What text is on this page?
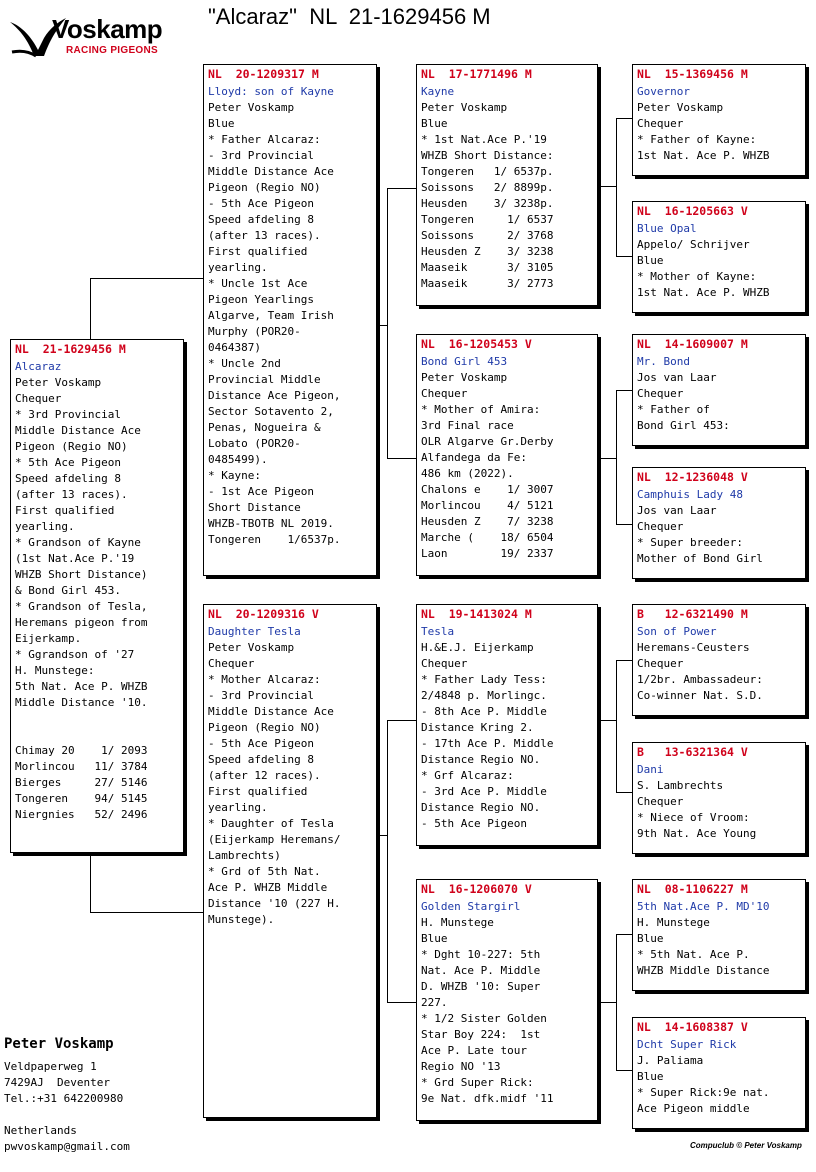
"Alcaraz"  NL  21-1629456 M
Voskamp
RACING PIGEONS
NL  21-1629456 M
Alcaraz
Peter Voskamp
Chequer
* 3rd Provincial
Middle Distance Ace
Pigeon (Regio NO)
* 5th Ace Pigeon
Speed afdeling 8
(after 13 races).
First qualified
yearling.
* Grandson of Kayne
(1st Nat.Ace P.'19
WHZB Short Distance)
& Bond Girl 453.
* Grandson of Tesla,
Heremans pigeon from
Eijerkamp.
* Ggrandson of '27
H. Munstege:
5th Nat. Ace P. WHZB
Middle Distance '10.

Chimay 20    1/ 2093
Morlincou   11/ 3784
Bierges     27/ 5146
Tongeren    94/ 5145
Niergnies   52/ 2496
NL  20-1209317 M
Lloyd: son of Kayne
Peter Voskamp
Blue
* Father Alcaraz:
- 3rd Provincial
Middle Distance Ace
Pigeon (Regio NO)
- 5th Ace Pigeon
Speed afdeling 8
(after 13 races).
First qualified
yearling.
* Uncle 1st Ace
Pigeon Yearlings
Algarve, Team Irish
Murphy (POR20-
0464387)
* Uncle 2nd
Provincial Middle
Distance Ace Pigeon,
Sector Sotavento 2,
Penas, Nogueira &
Lobato (POR20-
0485499).
* Kayne:
- 1st Ace Pigeon
Short Distance
WHZB-TBOTB NL 2019.
Tongeren    1/6537p.
NL  20-1209316 V
Daughter Tesla
Peter Voskamp
Chequer
* Mother Alcaraz:
- 3rd Provincial
Middle Distance Ace
Pigeon (Regio NO)
- 5th Ace Pigeon
Speed afdeling 8
(after 12 races).
First qualified
yearling.
* Daughter of Tesla
(Eijerkamp Heremans/
Lambrechts)
* Grd of 5th Nat.
Ace P. WHZB Middle
Distance '10 (227 H.
Munstege).
NL  17-1771496 M
Kayne
Peter Voskamp
Blue
* 1st Nat.Ace P.'19
WHZB Short Distance:
Tongeren   1/ 6537p.
Soissons   2/ 8899p.
Heusden    3/ 3238p.
Tongeren     1/ 6537
Soissons     2/ 3768
Heusden Z    3/ 3238
Maaseik      3/ 3105
Maaseik      3/ 2773
NL  16-1205453 V
Bond Girl 453
Peter Voskamp
Chequer
* Mother of Amira:
3rd Final race
OLR Algarve Gr.Derby
Alfandega da Fe:
486 km (2022).
Chalons e    1/ 3007
Morlincou    4/ 5121
Heusden Z    7/ 3238
Marche (    18/ 6504
Laon        19/ 2337
NL  19-1413024 M
Tesla
H.&E.J. Eijerkamp
Chequer
* Father Lady Tess:
2/4848 p. Morlingc.
- 8th Ace P. Middle
Distance Kring 2.
- 17th Ace P. Middle
Distance Regio NO.
* Grf Alcaraz:
- 3rd Ace P. Middle
Distance Regio NO.
- 5th Ace Pigeon
NL  16-1206070 V
Golden Stargirl
H. Munstege
Blue
* Dght 10-227: 5th
Nat. Ace P. Middle
D. WHZB '10: Super
227.
* 1/2 Sister Golden
Star Boy 224:  1st
Ace P. Late tour
Regio NO '13
* Grd Super Rick:
9e Nat. dfk.midf '11
NL  15-1369456 M
Governor
Peter Voskamp
Chequer
* Father of Kayne:
1st Nat. Ace P. WHZB
NL  16-1205663 V
Blue Opal
Appelo/ Schrijver
Blue
* Mother of Kayne:
1st Nat. Ace P. WHZB
NL  14-1609007 M
Mr. Bond
Jos van Laar
Chequer
* Father of
Bond Girl 453:
NL  12-1236048 V
Camphuis Lady 48
Jos van Laar
Chequer
* Super breeder:
Mother of Bond Girl
B   12-6321490 M
Son of Power
Heremans-Ceusters
Chequer
1/2br. Ambassadeur:
Co-winner Nat. S.D.
B   13-6321364 V
Dani
S. Lambrechts
Chequer
* Niece of Vroom:
9th Nat. Ace Young
NL  08-1106227 M
5th Nat.Ace P. MD'10
H. Munstege
Blue
* 5th Nat. Ace P.
WHZB Middle Distance
NL  14-1608387 V
Dcht Super Rick
J. Paliama
Blue
* Super Rick:9e nat.
Ace Pigeon middle
Peter Voskamp
Veldpaperweg 1
7429AJ  Deventer
Tel.:+31 642200980
Netherlands
pwvoskamp@gmail.com	Compuclub © Peter Voskamp
